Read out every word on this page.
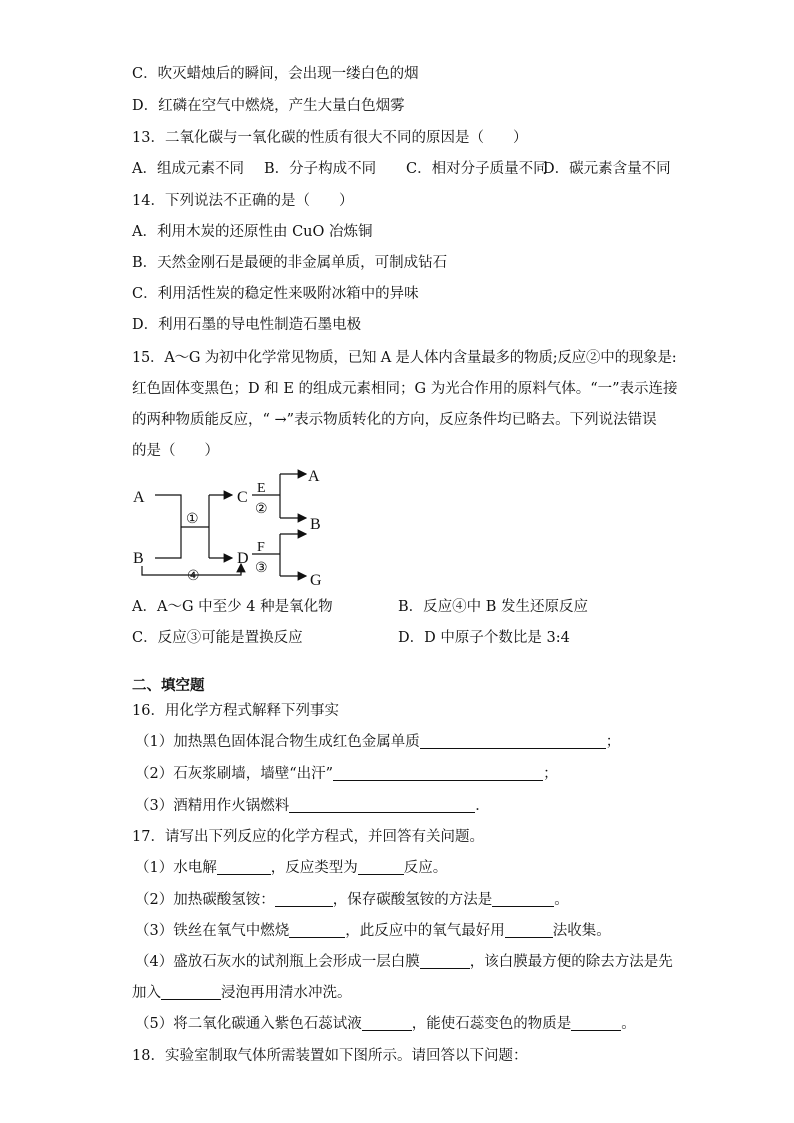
C．吹灭蜡烛后的瞬间，会出现一缕白色的烟
D．红磷在空气中燃烧，产生大量白色烟雾
13．二氧化碳与一氧化碳的性质有很大不同的原因是（　　）
A．组成元素不同 B．分子构成不同 C．相对分子质量不同
D．碳元素含量不同
14．下列说法不正确的是（　　）
A．利用木炭的还原性由 CuO 冶炼铜
B．天然金刚石是最硬的非金属单质，可制成钻石
C．利用活性炭的稳定性来吸附冰箱中的异味
D．利用石墨的导电性制造石墨电极
15．A～G 为初中化学常见物质，已知 A 是人体内含量最多的物质;反应②中的现象是:
红色固体变黑色；D 和 E 的组成元素相同；G 为光合作用的原料气体。“一”表示连接
的两种物质能反应，“ →”表示物质转化的方向，反应条件均已略去。下列说法错误
的是（　　）
A
B
C
D
E
F
A
B
G
①
②
③
④
A．A～G 中至少 4 种是氧化物	B．反应④中 B 发生还原反应
C．反应③可能是置换反应	D．D 中原子个数比是 3:4
二、填空题
16．用化学方程式解释下列事实
（1）加热黑色固体混合物生成红色金属单质	；
（2）石灰浆刷墙，墙壁“出汗”	；
（3）酒精用作火锅燃料	．
17．请写出下列反应的化学方程式，并回答有关问题。
（1）水电解	，反应类型为	反应。
（2）加热碳酸氢铵：	，保存碳酸氢铵的方法是	。
（3）铁丝在氧气中燃烧	，此反应中的氧气最好用	法收集。
（4）盛放石灰水的试剂瓶上会形成一层白膜	，该白膜最方便的除去方法是先
加入	浸泡再用清水冲洗。
（5）将二氧化碳通入紫色石蕊试液	，能使石蕊变色的物质是	。
18．实验室制取气体所需装置如下图所示。请回答以下问题：
